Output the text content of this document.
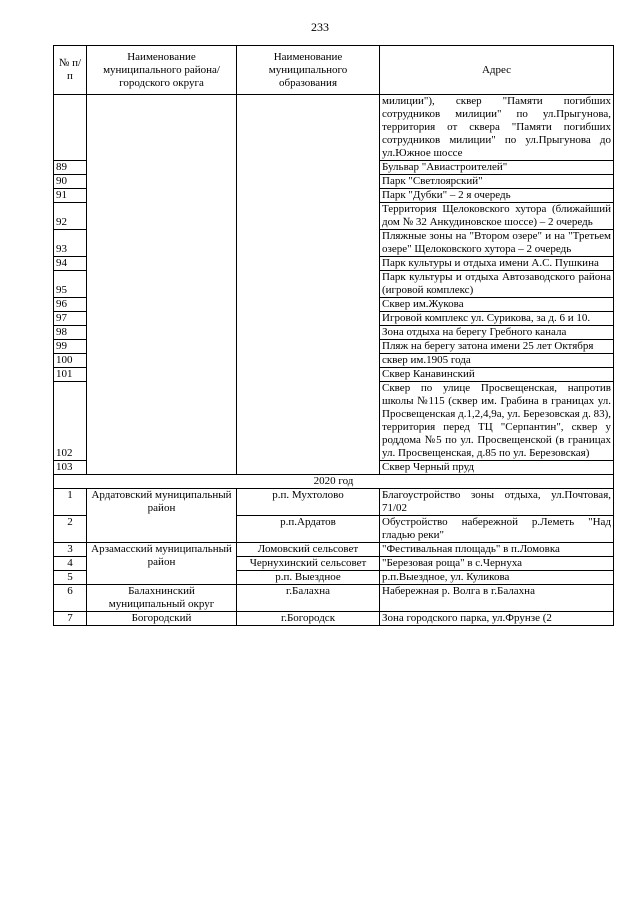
233
№ п/п	Наименование муниципального района/ городского округа	Наименование муниципального образования	Адрес
			милиции"), сквер "Памяти погибших сотрудников милиции" по ул.Прыгунова, территория от сквера "Памяти погибших сотрудников милиции" по ул.Прыгунова до ул.Южное шоссе
89			Бульвар "Авиастроителей"
90			Парк "Светлоярский"
91			Парк "Дубки" – 2 я очередь
92			Территория Щелоковского хутора (ближайший дом № 32 Анкудиновское шоссе) – 2 очередь
93			Пляжные зоны на "Втором озере" и на "Третьем озере" Щелоковского хутора – 2 очередь
94			Парк культуры и отдыха имени А.С. Пушкина
95			Парк культуры и отдыха Автозаводского района (игровой комплекс)
96			Сквер им.Жукова
97			Игровой комплекс ул. Сурикова, за д. 6 и 10.
98			Зона отдыха на берегу Гребного канала
99			Пляж на берегу затона имени 25 лет Октября
100			сквер им.1905 года
101			Сквер Канавинский
102			Сквер по улице Просвещенская, напротив школы №115 (сквер им. Грабина в границах ул. Просвещенская д.1,2,4,9а, ул. Березовская д. 83), территория перед ТЦ "Серпантин", сквер у роддома №5 по ул. Просвещенской (в границах ул. Просвещенская, д.85 по ул. Березовская)
103			Сквер Черный пруд
2020 год			
1	Ардатовский муниципальный район	р.п. Мухтолово	Благоустройство зоны отдыха, ул.Почтовая, 71/02
2		р.п.Ардатов	Обустройство набережной р.Леметь "Над гладью реки"
3	Арзамасский муниципальный район	Ломовский сельсовет	"Фестивальная площадь" в п.Ломовка
4		Чернухинский сельсовет	"Березовая роща" в с.Чернуха
5		р.п. Выездное	р.п.Выездное, ул. Куликова
6	Балахнинский муниципальный округ	г.Балахна	Набережная р. Волга в г.Балахна
7	Богородский	г.Богородск	Зона городского парка, ул.Фрунзе (2
